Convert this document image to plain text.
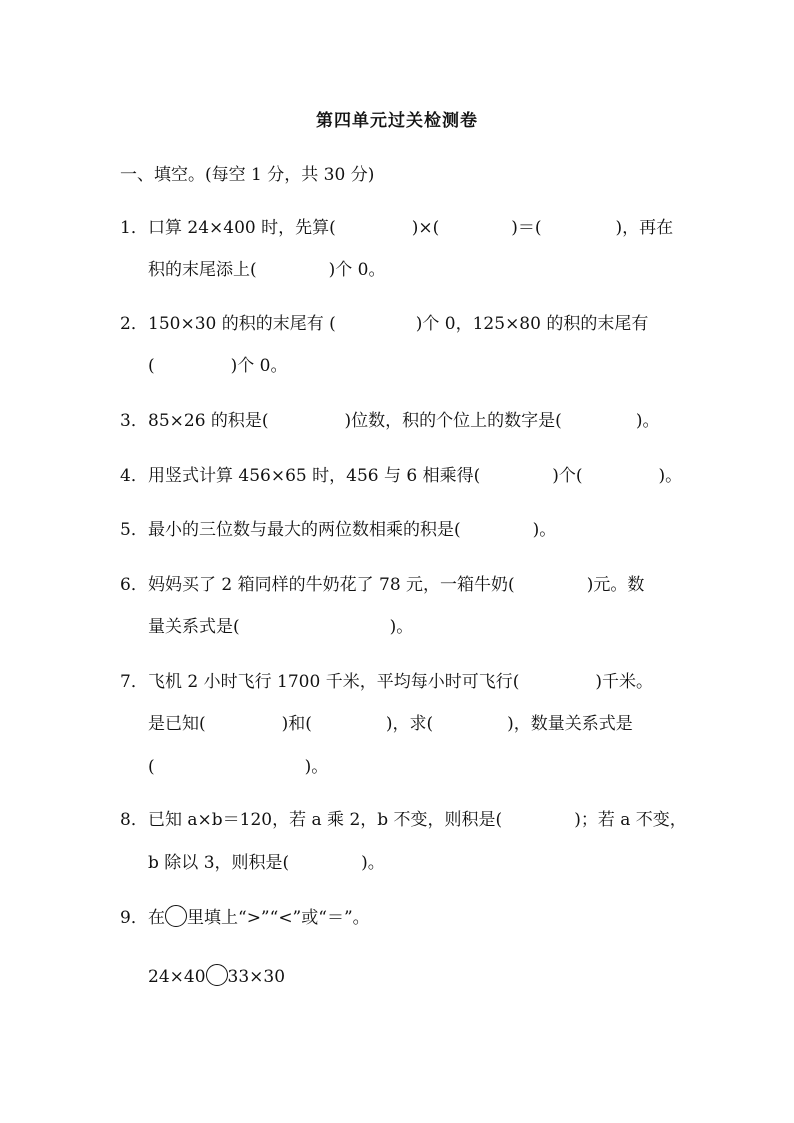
第四单元过关检测卷
一、填空。(每空 1 分，共 30 分)
1．口算 24×400 时，先算(	)×(	)＝(	)，再在
积的末尾添上(	)个 0。
2．150×30 的积的末尾有 (	)个 0，125×80 的积的末尾有
(	)个 0。
3．85×26 的积是(	)位数，积的个位上的数字是(	)。
4．用竖式计算 456×65 时，456 与 6 相乘得(	)个(	)。
5．最小的三位数与最大的两位数相乘的积是(	)。
6．妈妈买了 2 箱同样的牛奶花了 78 元，一箱牛奶(	)元。数
量关系式是(	)。
7．飞机 2 小时飞行 1700 千米，平均每小时可飞行(	)千米。
是已知(	)和(	)，求(	)，数量关系式是
(	)。
8．已知 a×b＝120，若 a 乘 2，b 不变，则积是(	)；若 a 不变，
b 除以 3，则积是(	)。
9．在 里填上“>”“<”或“＝”。
24×40 33×30
